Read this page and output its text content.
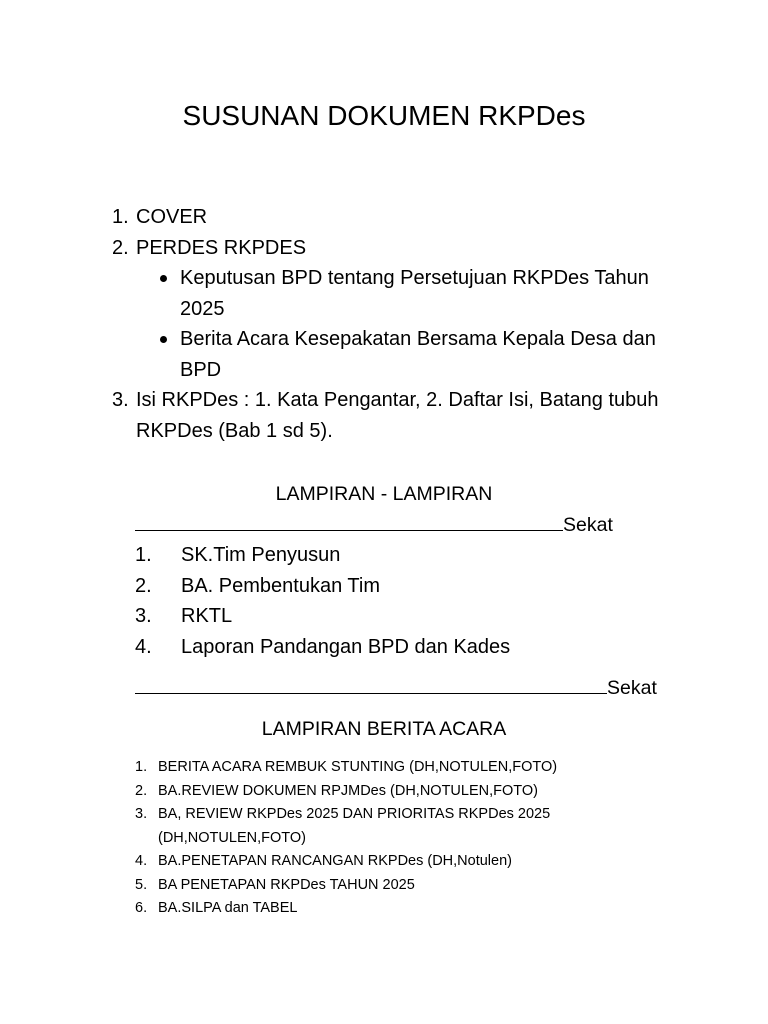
SUSUNAN DOKUMEN RKPDes
1. COVER
2. PERDES RKPDES
Keputusan BPD tentang Persetujuan RKPDes Tahun 2025
Berita Acara Kesepakatan Bersama Kepala Desa dan BPD
3. Isi RKPDes : 1. Kata Pengantar, 2. Daftar Isi, Batang tubuh RKPDes (Bab 1 sd 5).
LAMPIRAN - LAMPIRAN
Sekat
1. SK.Tim Penyusun
2. BA. Pembentukan Tim
3. RKTL
4. Laporan Pandangan BPD dan Kades
Sekat
LAMPIRAN BERITA ACARA
1. BERITA ACARA REMBUK STUNTING (DH,NOTULEN,FOTO)
2. BA.REVIEW DOKUMEN RPJMDes (DH,NOTULEN,FOTO)
3. BA, REVIEW RKPDes 2025 DAN PRIORITAS RKPDes 2025 (DH,NOTULEN,FOTO)
4. BA.PENETAPAN RANCANGAN RKPDes (DH,Notulen)
5. BA PENETAPAN RKPDes TAHUN 2025
6. BA.SILPA dan TABEL
